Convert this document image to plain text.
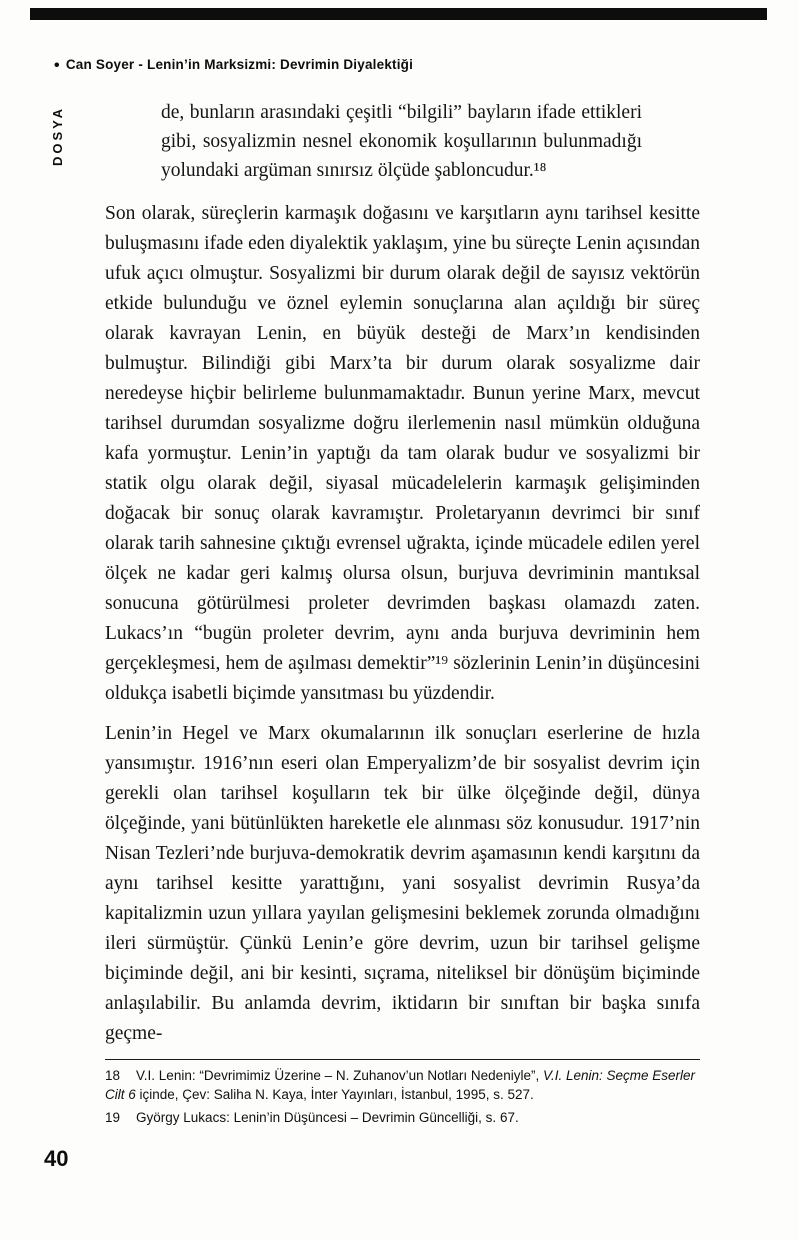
• Can Soyer - Lenin’in Marksizmi: Devrimin Diyalektiği
DOSYA	de, bunların arasındaki çeşitli “bilgili” bayların ifade ettikleri gibi, sosyalizmin nesnel ekonomik koşullarının bulunmadığı yolundaki argüman sınırsız ölçüde şabloncudur.¹⁸

Son olarak, süreçlerin karmaşık doğasını ve karşıtların aynı tarihsel kesitte buluşmasını ifade eden diyalektik yaklaşım, yine bu süreçte Lenin açısından ufuk açıcı olmuştur. Sosyalizmi bir durum olarak değil de sayısız vektörün etkide bulunduğu ve öznel eylemin sonuçlarına alan açıldığı bir süreç olarak kavrayan Lenin, en büyük desteği de Marx’ın kendisinden bulmuştur. Bilindiği gibi Marx’ta bir durum olarak sosyalizme dair neredeyse hiçbir belirleme bulunmamaktadır. Bunun yerine Marx, mevcut tarihsel durumdan sosyalizme doğru ilerlemenin nasıl mümkün olduğuna kafa yormuştur. Lenin’in yaptığı da tam olarak budur ve sosyalizmi bir statik olgu olarak değil, siyasal mücadelelerin karmaşık gelişiminden doğacak bir sonuç olarak kavramıştır. Proletaryanın devrimci bir sınıf olarak tarih sahnesine çıktığı evrensel uğrakta, içinde mücadele edilen yerel ölçek ne kadar geri kalmış olursa olsun, burjuva devriminin mantıksal sonucuna götürülmesi proleter devrimden başkası olamazdı zaten. Lukacs’ın “bugün proleter devrim, aynı anda burjuva devriminin hem gerçekleşmesi, hem de aşılması demektir”¹⁹ sözlerinin Lenin’in düşüncesini oldukça isabetli biçimde yansıtması bu yüzdendir.

Lenin’in Hegel ve Marx okumalarının ilk sonuçları eserlerine de hızla yansımıştır. 1916’nın eseri olan Emperyalizm’de bir sosyalist devrim için gerekli olan tarihsel koşulların tek bir ülke ölçeğinde değil, dünya ölçeğinde, yani bütünlükten hareketle ele alınması söz konusudur. 1917’nin Nisan Tezleri’nde burjuva-demokratik devrim aşamasının kendi karşıtını da aynı tarihsel kesitte yarattığını, yani sosyalist devrimin Rusya’da kapitalizmin uzun yıllara yayılan gelişmesini beklemek zorunda olmadığını ileri sürmüştür. Çünkü Lenin’e göre devrim, uzun bir tarihsel gelişme biçiminde değil, ani bir kesinti, sıçrama, niteliksel bir dönüşüm biçiminde anlaşılabilir. Bu anlamda devrim, iktidarın bir sınıftan bir başka sınıfa geçme-

18 V.I. Lenin: “Devrimimiz Üzerine – N. Zuhanov’un Notları Nedeniyle”, V.I. Lenin: Seçme Eserler Cilt 6 içinde, Çev: Saliha N. Kaya, İnter Yayınları, İstanbul, 1995, s. 527.
19 György Lukacs: Lenin’in Düşüncesi – Devrimin Güncelliği, s. 67.
40
